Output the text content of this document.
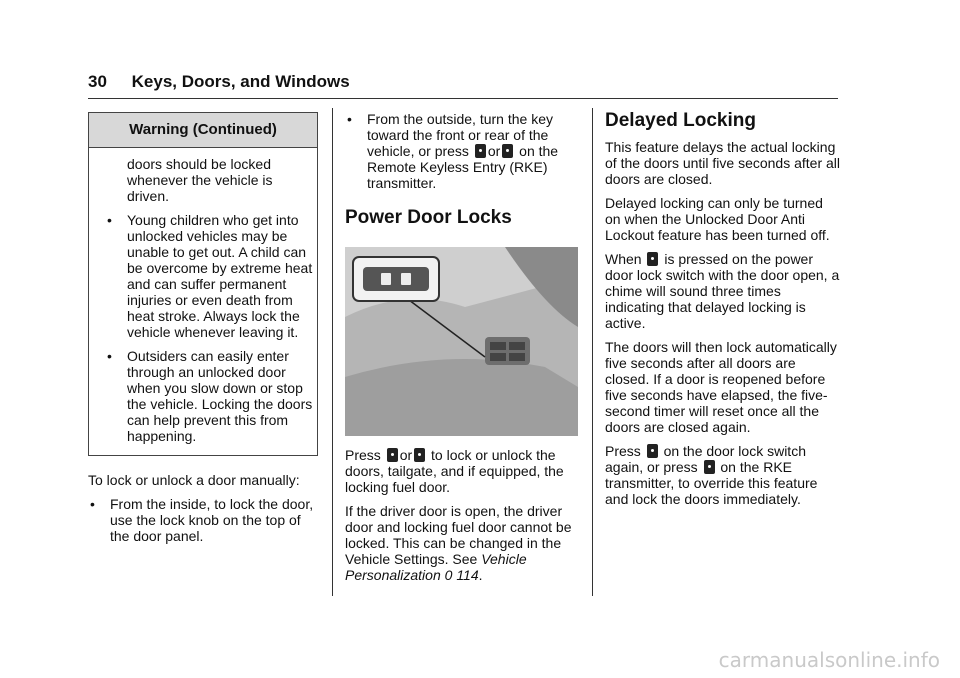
30 Keys, Doors, and Windows
Warning (Continued)
doors should be locked whenever the vehicle is driven.
• Young children who get into unlocked vehicles may be unable to get out. A child can be overcome by extreme heat and can suffer permanent injuries or even death from heat stroke. Always lock the vehicle whenever leaving it.
• Outsiders can easily enter through an unlocked door when you slow down or stop the vehicle. Locking the doors can help prevent this from happening.

To lock or unlock a door manually:

• From the inside, to lock the door, use the lock knob on the top of the door panel.
• From the outside, turn the key toward the front or rear of the vehicle, or press or on the Remote Keyless Entry (RKE) transmitter.
Power Door Locks

Press or to lock or unlock the doors, tailgate, and if equipped, the locking fuel door.

If the driver door is open, the driver door and locking fuel door cannot be locked. This can be changed in the Vehicle Settings. See Vehicle Personalization 0 114.

Delayed Locking

This feature delays the actual locking of the doors until five seconds after all doors are closed.

Delayed locking can only be turned on when the Unlocked Door Anti Lockout feature has been turned off.

When is pressed on the power door lock switch with the door open, a chime will sound three times indicating that delayed locking is active.

The doors will then lock automatically five seconds after all doors are closed. If a door is reopened before five seconds have elapsed, the five-second timer will reset once all the doors are closed again.

Press on the door lock switch again, or press on the RKE transmitter, to override this feature and lock the doors immediately.

carmanualsonline.info
